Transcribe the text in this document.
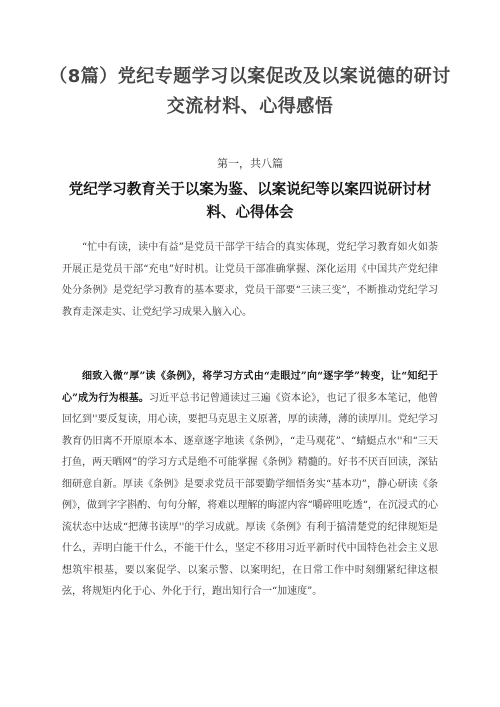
（8篇）党纪专题学习以案促改及以案说德的研讨
交流材料、心得感悟
第一，共八篇
党纪学习教育关于以案为鉴、以案说纪等以案四说研讨材
料、心得体会

“忙中有读，读中有益”是党员干部学干结合的真实体现，党纪学习教育如火如荼开展正是党员干部“充电”好时机。让党员干部准确掌握、深化运用《中国共产党纪律处分条例》是党纪学习教育的基本要求，党员干部要“三读三变”，不断推动党纪学习教育走深走实、让党纪学习成果入脑入心。

细致入微“厚”读《条例》，将学习方式由“走眼过”向“逐字学”转变，让“知纪于心”成为行为根基。习近平总书记曾通读过三遍《资本论》，也记了很多本笔记，他曾回忆到''要反复读，用心读，要把马克思主义原著，厚的读薄，薄的读厚川。党纪学习教育仍旧离不开原原本本、逐章逐字地读《条例》，“走马观花”、“蜻蜓点水''和“三天打鱼，两天晒网”的学习方式是绝不可能掌握《条例》精髓的。好书不厌百回读，深钻细研意自新。厚读《条例》是要求党员干部要勤学细悟务实“基本功”，静心研读《条例》，做到字字斟酌、句句分解，将难以理解的晦涩内容“嚼碎咀吃透“，在沉浸式的心流状态中达成“把薄书读厚''的学习成就。厚读《条例》有利于搞清楚党的纪律规矩是什么，弄明白能干什么，不能干什么，坚定不移用习近平新时代中国特色社会主义思想筑牢根基，要以案促学、以案示警、以案明纪，在日常工作中时刻绷紧纪律这根弦，将规矩内化于心、外化于行，跑出知行合一“加速度”。
